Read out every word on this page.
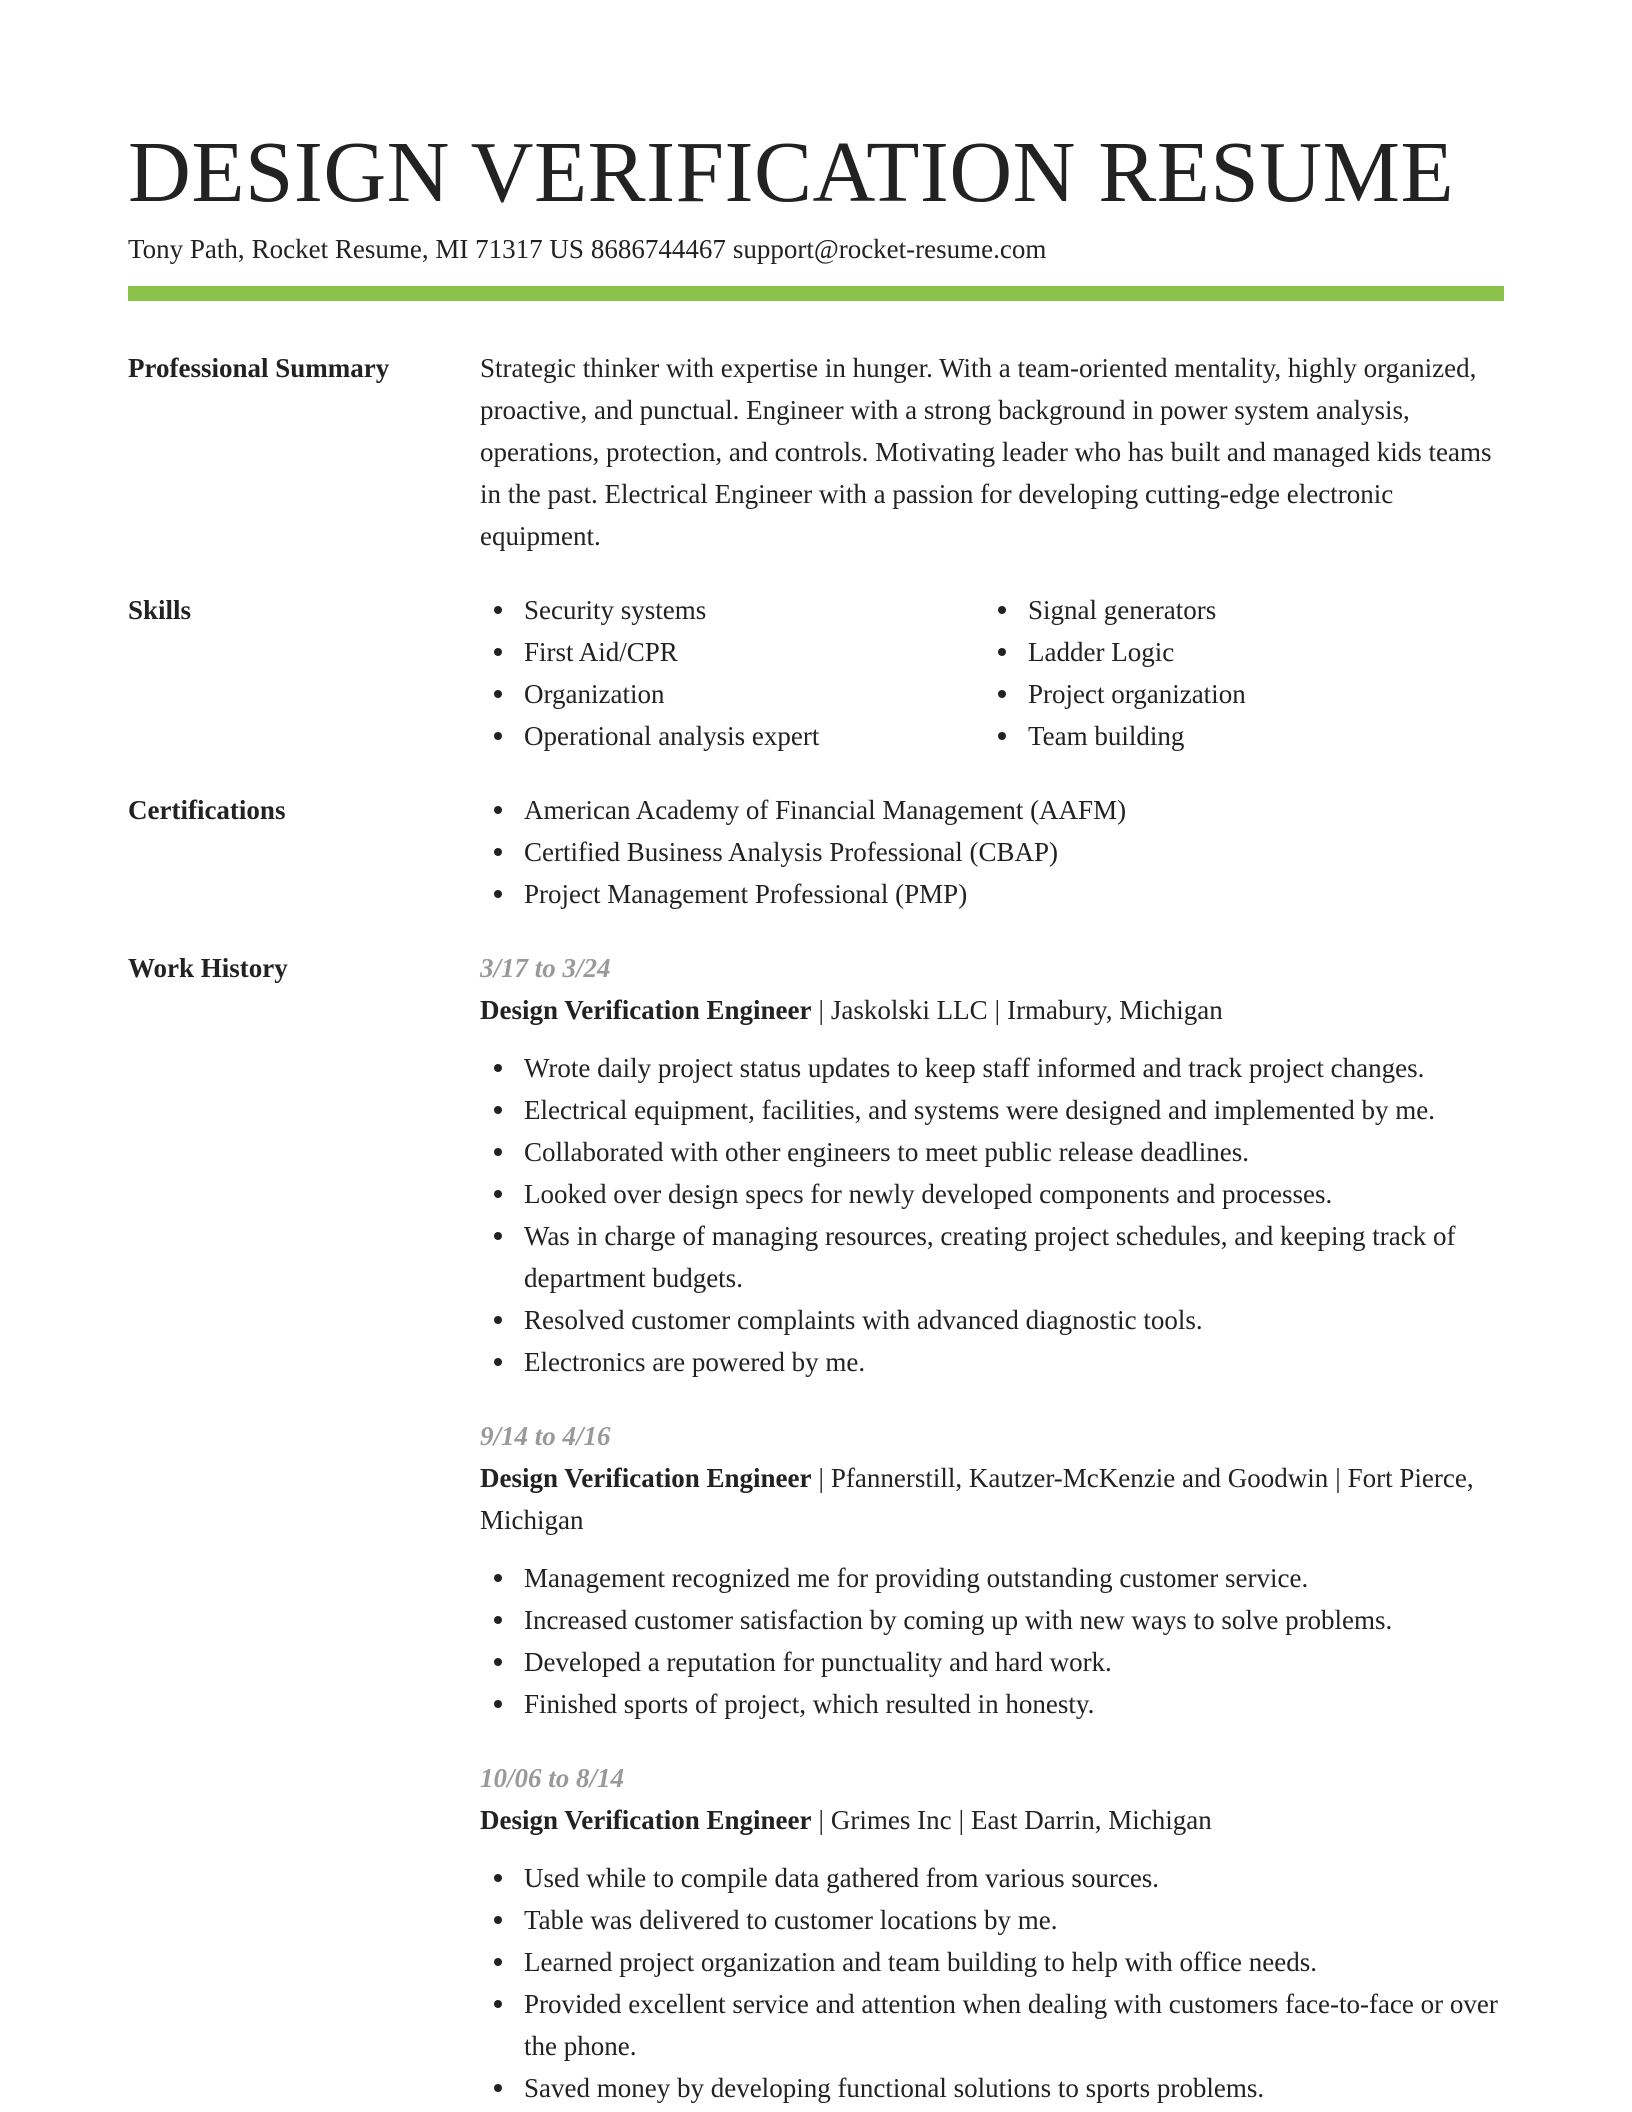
DESIGN VERIFICATION RESUME
Tony Path, Rocket Resume, MI 71317 US 8686744467 support@rocket-resume.com
Professional Summary	Strategic thinker with expertise in hunger. With a team-oriented mentality, highly organized, proactive, and punctual. Engineer with a strong background in power system analysis, operations, protection, and controls. Motivating leader who has built and managed kids teams in the past. Electrical Engineer with a passion for developing cutting-edge electronic equipment.

Skills	Security systems
First Aid/CPR
Organization
Operational analysis expert
Signal generators
Ladder Logic
Project organization
Team building
Certifications	American Academy of Financial Management (AAFM)
Certified Business Analysis Professional (CBAP)
Project Management Professional (PMP)
Work History	3/17 to 3/24
Design Verification Engineer | Jaskolski LLC | Irmabury, Michigan
Wrote daily project status updates to keep staff informed and track project changes.
Electrical equipment, facilities, and systems were designed and implemented by me.
Collaborated with other engineers to meet public release deadlines.
Looked over design specs for newly developed components and processes.
Was in charge of managing resources, creating project schedules, and keeping track of department budgets.
Resolved customer complaints with advanced diagnostic tools.
Electronics are powered by me.
9/14 to 4/16
Design Verification Engineer | Pfannerstill, Kautzer-McKenzie and Goodwin | Fort Pierce, Michigan
Management recognized me for providing outstanding customer service.
Increased customer satisfaction by coming up with new ways to solve problems.
Developed a reputation for punctuality and hard work.
Finished sports of project, which resulted in honesty.
10/06 to 8/14
Design Verification Engineer | Grimes Inc | East Darrin, Michigan
Used while to compile data gathered from various sources.
Table was delivered to customer locations by me.
Learned project organization and team building to help with office needs.
Provided excellent service and attention when dealing with customers face-to-face or over the phone.
Saved money by developing functional solutions to sports problems.
